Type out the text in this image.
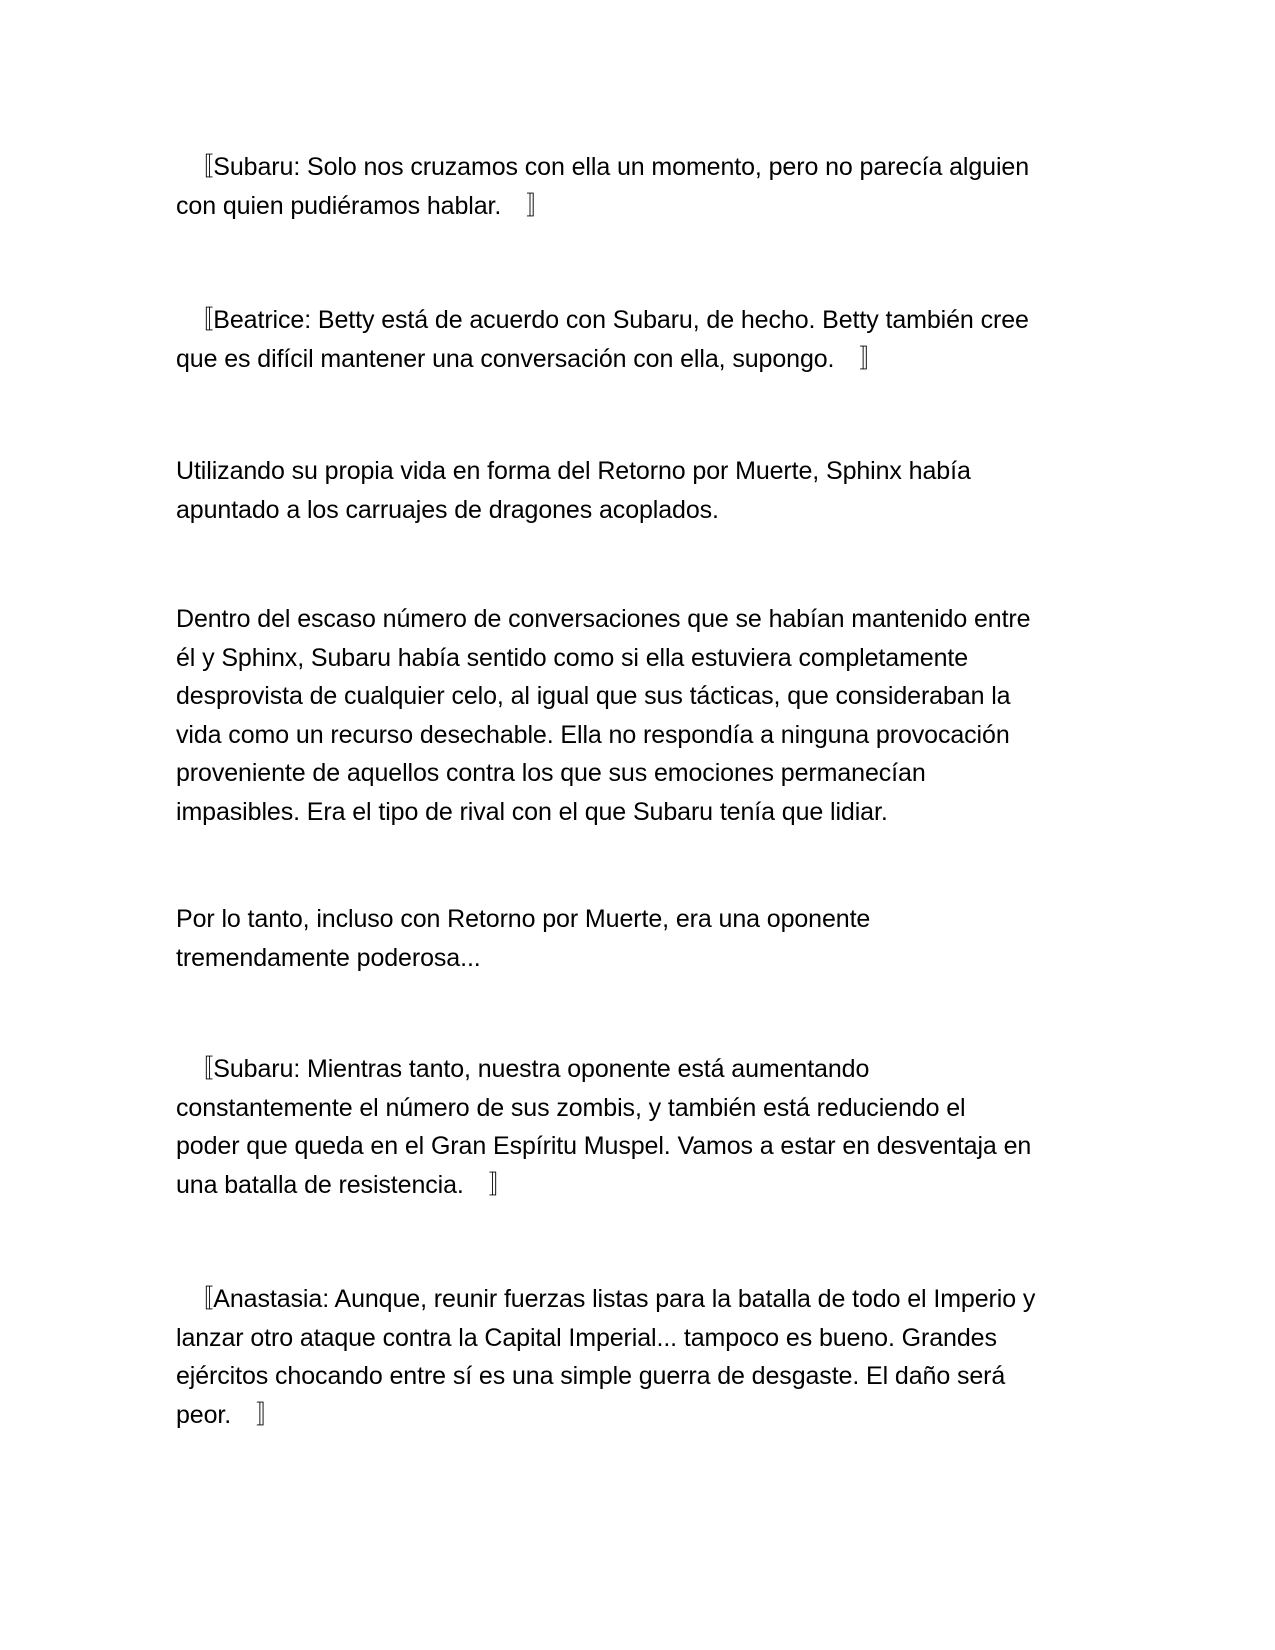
　〚Subaru: Solo nos cruzamos con ella un momento, pero no parecía alguien
con quien pudiéramos hablar.　〛

　〚Beatrice: Betty está de acuerdo con Subaru, de hecho. Betty también cree
que es difícil mantener una conversación con ella, supongo.　〛

Utilizando su propia vida en forma del Retorno por Muerte, Sphinx había
apuntado a los carruajes de dragones acoplados.

Dentro del escaso número de conversaciones que se habían mantenido entre
él y Sphinx, Subaru había sentido como si ella estuviera completamente
desprovista de cualquier celo, al igual que sus tácticas, que consideraban la
vida como un recurso desechable. Ella no respondía a ninguna provocación
proveniente de aquellos contra los que sus emociones permanecían
impasibles. Era el tipo de rival con el que Subaru tenía que lidiar.

Por lo tanto, incluso con Retorno por Muerte, era una oponente
tremendamente poderosa...

　〚Subaru: Mientras tanto, nuestra oponente está aumentando
constantemente el número de sus zombis, y también está reduciendo el
poder que queda en el Gran Espíritu Muspel. Vamos a estar en desventaja en
una batalla de resistencia.　〛

　〚Anastasia: Aunque, reunir fuerzas listas para la batalla de todo el Imperio y
lanzar otro ataque contra la Capital Imperial... tampoco es bueno. Grandes
ejércitos chocando entre sí es una simple guerra de desgaste. El daño será
peor.　〛
